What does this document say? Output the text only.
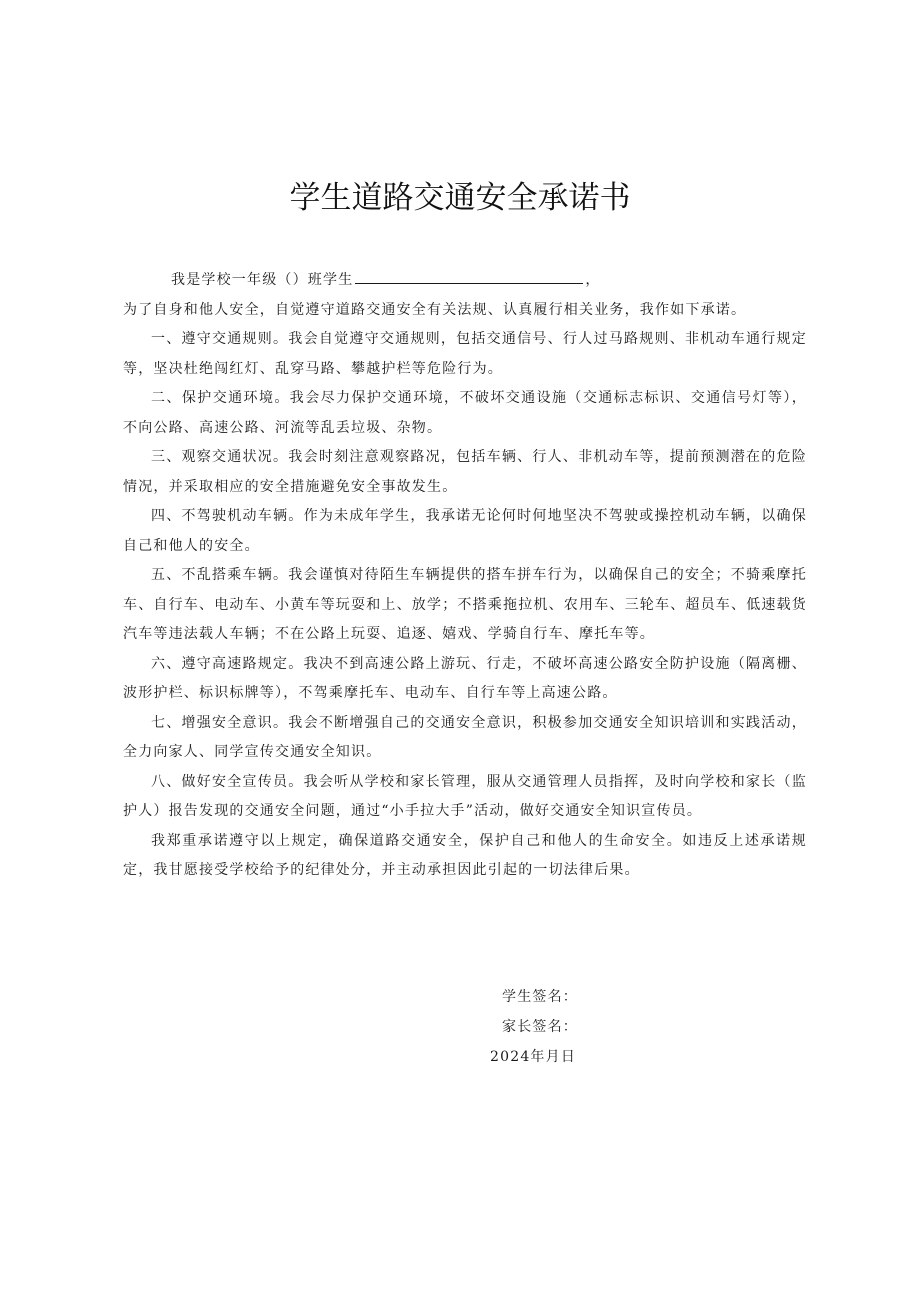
学生道路交通安全承诺书

我是学校一年级（）班学生	，

为了自身和他人安全，自觉遵守道路交通安全有关法规、认真履行相关业务，我作如下承诺。

一、遵守交通规则。我会自觉遵守交通规则，包括交通信号、行人过马路规则、非机动车通行规定等，坚决杜绝闯红灯、乱穿马路、攀越护栏等危险行为。

二、保护交通环境。我会尽力保护交通环境，不破坏交通设施（交通标志标识、交通信号灯等），不向公路、高速公路、河流等乱丢垃圾、杂物。

三、观察交通状况。我会时刻注意观察路况，包括车辆、行人、非机动车等，提前预测潜在的危险情况，并采取相应的安全措施避免安全事故发生。

四、不驾驶机动车辆。作为未成年学生，我承诺无论何时何地坚决不驾驶或操控机动车辆，以确保自己和他人的安全。

五、不乱搭乘车辆。我会谨慎对待陌生车辆提供的搭车拼车行为，以确保自己的安全；不骑乘摩托车、自行车、电动车、小黄车等玩耍和上、放学；不搭乘拖拉机、农用车、三轮车、超员车、低速载货汽车等违法载人车辆；不在公路上玩耍、追逐、嬉戏、学骑自行车、摩托车等。

六、遵守高速路规定。我决不到高速公路上游玩、行走，不破坏高速公路安全防护设施（隔离栅、波形护栏、标识标牌等），不驾乘摩托车、电动车、自行车等上高速公路。

七、增强安全意识。我会不断增强自己的交通安全意识，积极参加交通安全知识培训和实践活动，全力向家人、同学宣传交通安全知识。

八、做好安全宣传员。我会听从学校和家长管理，服从交通管理人员指挥，及时向学校和家长（监护人）报告发现的交通安全问题，通过“小手拉大手”活动，做好交通安全知识宣传员。

我郑重承诺遵守以上规定，确保道路交通安全，保护自己和他人的生命安全。如违反上述承诺规定，我甘愿接受学校给予的纪律处分，并主动承担因此引起的一切法律后果。

学生签名：

家长签名：

2024年月日
